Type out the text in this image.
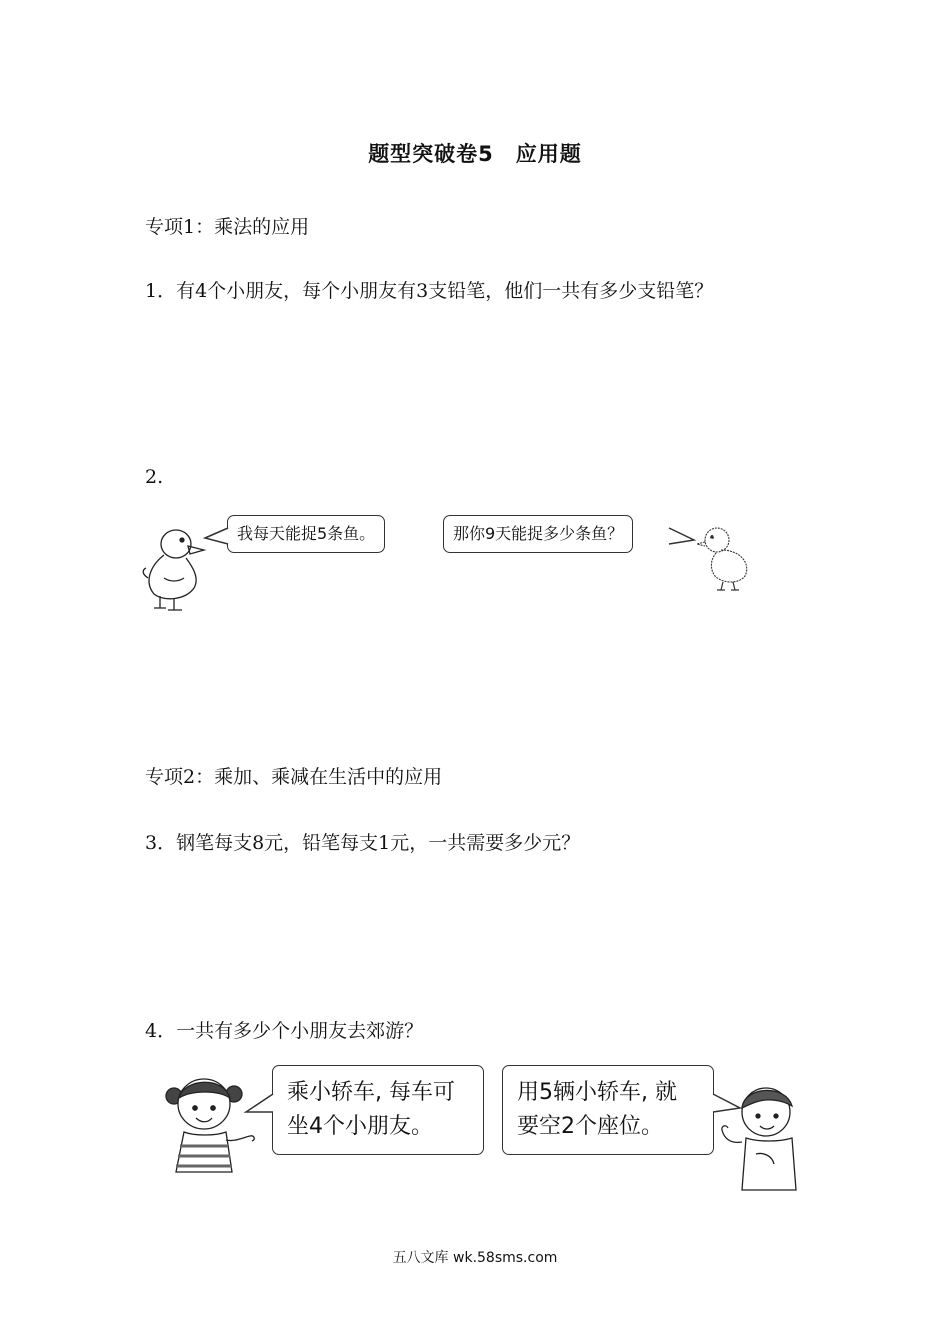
题型突破卷5　应用题
专项1：乘法的应用
1．有4个小朋友，每个小朋友有3支铅笔，他们一共有多少支铅笔？
2.
我每天能捉5条鱼。	那你9天能捉多少条鱼？
专项2：乘加、乘减在生活中的应用
3．钢笔每支8元，铅笔每支1元，一共需要多少元？
4．一共有多少个小朋友去郊游？
乘小轿车, 每车可
坐4个小朋友。
用5辆小轿车, 就
要空2个座位。
五八文库 wk.58sms.com
